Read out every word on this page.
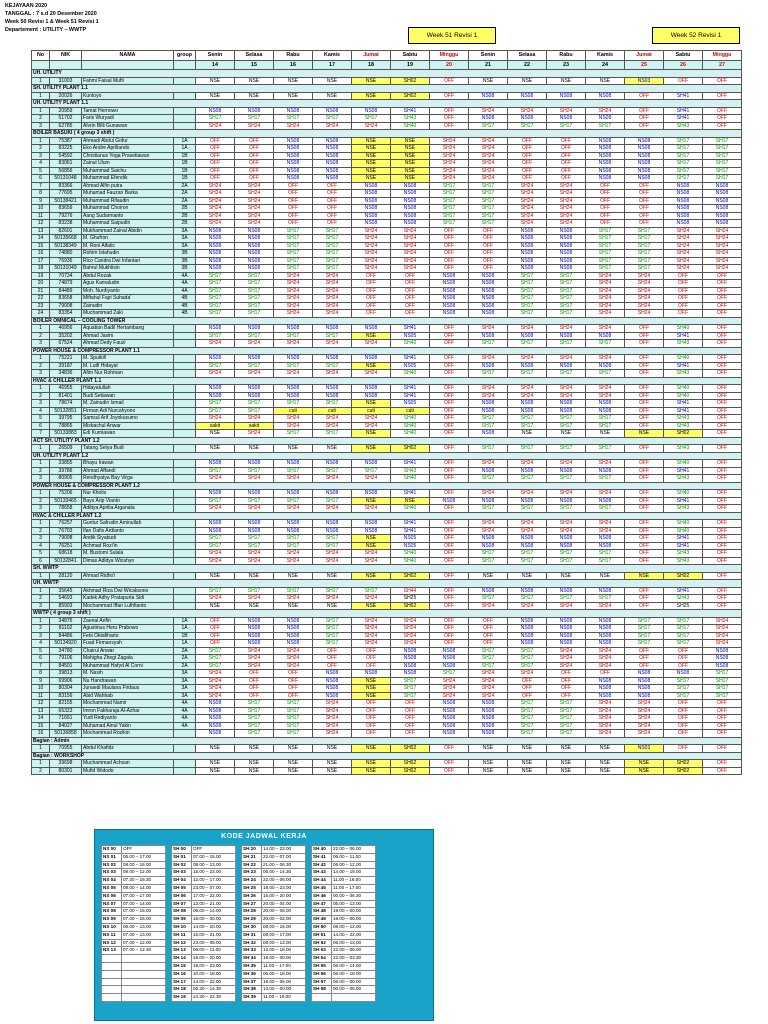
KEJAYAAN 2020
TANGGAL : 7 s.d 20 Desember 2020
Week 50 Revisi 1 & Week 51 Revisi 1
Departement : UTILITY – WWTP
Week 51 Revisi 1	Week 52 Revisi 1
No	NIK	NAMA	group	Senin	Selasa	Rabu	Kamis	Jumat	Sabtu	Minggu	Senin	Selasa	Rabu	Kamis	Jumat	Sabtu	Minggu
				14	15	16	17	18	19	20	21	22	23	24	25	26	27
UH. UTILITY																	
1	31003	Fahmi Faisal Mufti		NSE	NSE	NSE	NSE	NSE	SH02	OFF	NSE	NSE	NSE	NSE	NS03	OFF	OFF
SH. UTILITY PLANT 1.1																	
1	20026	Kuntoyo		NSE	NSE	NSE	NSE	NSE	SH02	OFF	NS08	NS08	NS08	NS08	OFF	SH41	OFF
UH. UTILITY PLANT 1.1																	
1	20959	Tamat Hernowo		NS08	NS08	NS08	NS08	NS08	SH41	OFF	SH24	SH24	SH24	SH24	OFF	SH41	OFF
2	51702	Faris Wuryadi		SH17	SH17	SH17	SH17	SH17	SH43	OFF	NS08	NS08	NS08	NS08	OFF	SH41	OFF
3	62785	Alvrin Billi Gunawan		SH24	SH24	SH24	SH24	SH24	SH40	OFF	SH17	SH17	SH17	SH17	OFF	SH43	OFF
BOILER BASUKI ( 4 group 3 shift )																	
1	75387	Ahmadi Abdul Gofur	1A	OFF	OFF	NS08	NS08	NSE	NSE	SH24	SH24	OFF	OFF	NS08	NS08	SH17	SH17
2	83225	Eko Andre Apriliando	1A	OFF	OFF	NS08	NS08	NSE	NSE	SH24	SH24	OFF	OFF	NS08	NS08	SH17	SH17
3	54592	Christianus Yoga Prasetiawan	1B	OFF	OFF	NS08	NS08	NSE	NSE	SH24	SH24	OFF	OFF	NS08	NS08	SH17	SH17
4	83061	Zainul Ulum	1B	OFF	OFF	NS08	NS08	NSE	NSE	SH24	SH24	OFF	OFF	NS08	NS08	SH17	SH17
5	56856	Muhammad Saichu	1B	OFF	OFF	NS08	NS08	NSE	NSE	SH24	SH24	OFF	OFF	NS08	NS08	SH17	SH17
6	50131048	Muhammad Efendik	1B	OFF	OFF	NS08	NS08	NSE	NSE	SH24	SH24	OFF	OFF	NS08	NS08	SH17	SH17
7	83366	Ahmad Alfin putra	2A	SH24	SH24	OFF	OFF	NS08	NS08	SH17	SH17	SH24	SH24	OFF	OFF	NS08	NS08
8	77695	Muhamad Fauzan Barka	2A	SH24	SH24	OFF	OFF	NS08	NS08	SH17	SH17	SH24	SH24	OFF	OFF	NS08	NS08
9	50138421	Muhammad Rifaudin	2A	SH24	SH24	OFF	OFF	NS08	NS08	SH17	SH17	SH24	SH24	OFF	OFF	NS08	NS08
10	83659	Muhammad Choiron	2B	SH24	SH24	OFF	OFF	NS08	NS08	SH17	SH17	SH24	SH24	OFF	OFF	NS08	NS08
11	79276	Aang Sudarmanto	2B	SH24	SH24	OFF	OFF	NS08	NS08	SH17	SH17	SH24	SH24	OFF	OFF	NS08	NS08
12	83238	Muhammad Saipudin	2B	SH24	SH24	OFF	OFF	NS08	NS08	SH17	SH17	SH24	SH24	OFF	OFF	NS08	NS08
13	82601	Mukhammad Zainal Abidin	3A	NS08	NS08	SH17	SH17	SH24	SH24	OFF	OFF	NS08	NS08	SH17	SH17	SH24	SH24
14	50135668	M. Ghufron	3A	NS08	NS08	SH17	SH17	SH24	SH24	OFF	OFF	NS08	NS08	SH17	SH17	SH24	SH24
15	50138349	M. Roni Alfatic	3A	NS08	NS08	SH17	SH17	SH24	SH24	OFF	OFF	NS08	NS08	SH17	SH17	SH24	SH24
16	74880	Rohim Istahudin	3B	NS08	NS08	SH17	SH17	SH24	SH24	OFF	OFF	NS08	NS08	SH17	SH17	SH24	SH24
17	76936	Rico Candra Dwi Infantari	3B	NS08	NS08	SH17	SH17	SH24	SH24	OFF	OFF	NS08	NS08	SH17	SH17	SH24	SH24
18	50131049	Bahrul Mukhlisin	3B	NS08	NS08	SH17	SH17	SH24	SH24	OFF	OFF	NS08	NS08	SH17	SH17	SH24	SH24
19	70734	Abdul Rozak	4A	SH17	SH17	SH24	SH24	OFF	OFF	NS08	NS08	SH17	SH17	SH24	SH24	OFF	OFF
20	74879	Agus Kamaludin	4A	SH17	SH17	SH24	SH24	OFF	OFF	NS08	NS08	SH17	SH17	SH24	SH24	OFF	OFF
21	84489	Moh. Nurdiyanto	4A	SH17	SH17	SH24	SH24	OFF	OFF	NS08	NS08	SH17	SH17	SH24	SH24	OFF	OFF
22	83658	Miftahul Fajri Suhada'	4B	SH17	SH17	SH24	SH24	OFF	OFF	NS08	NS08	SH17	SH17	SH24	SH24	OFF	OFF
23	79008	Zainudin	4B	SH17	SH17	SH24	SH24	OFF	OFF	NS08	NS08	SH17	SH17	SH24	SH24	OFF	OFF
24	83354	Muchammad Zaki	4B	SH17	SH17	SH24	SH24	OFF	OFF	NS08	NS08	SH17	SH17	SH24	SH24	OFF	OFF
BOILER OMNICAL – COOLING TOWER																	
1	46956	Aquatian Badil Hertambang		NS08	NS08	NS08	NS08	NS08	SH41	OFF	SH24	SH24	SH24	SH24	OFF	SH40	OFF
2	35202	Ahmad Jasim		SH17	SH17	SH17	SH17	NSE	NS05	OFF	NS08	NS08	NS08	NS08	OFF	SH41	OFF
3	67524	Ahmad Dedy Fauzi		SH24	SH24	SH24	SH24	SH24	SH40	OFF	SH17	SH17	SH17	SH17	OFF	SH43	OFF
POWER HOUSE & COMPRESSOR PLANT 1.1																	
1	75221	M. Spuikifi		NS08	NS08	NS08	NS08	NS08	SH41	OFF	SH24	SH24	SH24	SH24	OFF	SH40	OFF
2	39187	M. Lutfi Hidayat		SH17	SH17	SH17	SH17	NSE	NS05	OFF	NS08	NS08	NS08	NS08	OFF	SH41	OFF
3	34836	Afim Nur Rohman		SH24	SH24	SH24	SH24	SH24	SH40	OFF	SH17	SH17	SH17	SH17	OFF	SH43	OFF
HVAC & CHILLER PLANT 1.1																	
1	46955	Hidayatullah		NS08	NS08	NS08	NS08	NS08	SH41	OFF	SH24	SH24	SH24	SH24	OFF	SH40	OFF
2	81401	Budi Setiawan		NS08	NS08	NS08	NS08	NS08	SH41	OFF	SH24	SH24	SH24	SH24	OFF	SH40	OFF
3	78674	M. Zainudin Ismail		SH17	SH17	SH17	SH17	NSE	NS05	OFF	NS08	NS08	NS08	NS08	OFF	SH41	OFF
4	50132851	Firman Adi Nurcahyono		SH17	SH17	cuti	cuti	cuti	cuti	OFF	NS08	NS08	NS08	NS08	OFF	SH41	OFF
5	39795	Samsul Arif Joyokusumo		SH24	SH24	SH24	SH24	SH24	SH40	OFF	SH17	SH17	SH17	SH17	OFF	SH43	OFF
6	78865	Misbachul Anwar		sakit	sakit	SH24	SH24	SH24	SH40	OFF	SH17	SH17	SH17	SH17	OFF	SH43	OFF
7	50133883	Edi Kurniawan		NSE	SH24	SH17	SH17	NSE	SH40	OFF	NS08	NSE	NSE	NSE	NSE	SH02	OFF
ACT SH. UTILITY PLANT 1.2																	
1	26509	Tatang Setya Budi		NSE	NSE	NSE	NSE	NSE	SH02	OFF	SH17	SH17	SH17	SH17	OFF	SH43	OFF
UH. UTILITY PLANT 1.2																	
1	33855	Bhayu Irawan		NS08	NS08	NS08	NS08	NS08	SH41	OFF	SH24	SH24	SH24	SH24	OFF	SH40	OFF
2	39786	Ahmad Affandi		SH17	SH17	SH17	SH17	SH17	SH43	OFF	NS08	NS08	NS08	NS08	OFF	SH41	OFF
3	80905	Rendhyatya Bay Virga		SH24	SH24	SH24	SH24	SH24	SH40	OFF	SH17	SH17	SH17	SH17	OFF	SH43	OFF
POWER HOUSE & COMPRESSOR PLANT 1.2																	
1	75206	Nur Kholis		NS08	NS08	NS08	NS08	NS08	SH41	OFF	SH24	SH24	SH24	SH24	OFF	SH40	OFF
2	50133465	Bayu Arip Vianto		SH17	SH17	SH17	SH17	NSE	NSE	NS08	NS08	NS08	NS08	NS08	OFF	SH41	OFF
3	78658	Adittya Aprilia Arganata		SH24	SH24	SH24	SH24	SH24	SH40	OFF	SH17	SH17	SH17	SH17	OFF	SH43	OFF
HVAC & CHILLER PLANT 1.2																	
1	76257	Guntur Safrudin Aminullah		NS08	NS08	NS08	NS08	NS08	SH41	OFF	SH24	SH24	SH24	SH24	OFF	SH40	OFF
2	76703	Ifan Dafis Ardianto		NS08	NS08	NS08	NS08	NS08	SH41	OFF	SH24	SH24	SH24	SH24	OFF	SH40	OFF
3	79098	Andik Siyabudi		SH17	SH17	SH17	SH17	NSE	NS05	OFF	NS08	NS08	NS08	NS08	OFF	SH41	OFF
4	76251	Achmad Rozi'in		SH17	SH17	SH17	SH17	NSE	NS05	OFF	NS08	NS08	NS08	NS08	OFF	SH41	OFF
5	68618	M. Bustomi Sulala		SH24	SH24	SH24	SH24	SH24	SH40	OFF	SH17	SH17	SH17	SH17	OFF	SH43	OFF
6	50132841	Dimas Adldya Wicahyo		SH24	SH24	SH24	SH24	SH24	SH40	OFF	SH17	SH17	SH17	SH17	OFF	SH43	OFF
SH. WWTP																	
1	28120	Ahmad Ridho'i		NSE	NSE	NSE	NSE	NSE	SH02	OFF	NSE	NSE	NSE	NSE	NSE	SH02	OFF
UH. WWTP																	
1	35645	Akhmad Riza Dwi Wicaksono		SH17	SH17	SH17	SH17	SH17	SH44	OFF	NS08	NS08	NS08	NS08	OFF	SH41	OFF
2	54693	Kadek Adhy Pratapurta Sidi		SH24	SH24	SH24	SH24	SH24	SH25	OFF	SH17	SH17	SH17	SH17	OFF	SH43	OFF
3	85903	Mochammad Iffan Luthfianto		NSE	NSE	NSE	NSE	NSE	SH02	OFF	SH24	SH24	SH24	SH24	OFF	SH25	OFF
WWTP ( 4 group 3 shift )																	
1	34876	Zaenal Arifin	1A	OFF	NS08	NS08	SH17	SH24	SH24	OFF	OFF	NS08	NS08	NS08	SH17	SH17	SH24
2	81102	Agustinus Heru Prabowo	1A	OFF	NS08	NS08	SH17	SH24	SH24	OFF	OFF	NS08	NS08	NS08	SH17	SH17	SH24
3	84486	Febi Oktafiharto	1B	OFF	NS08	NS08	SH17	SH24	SH24	OFF	OFF	NS08	NS08	NS08	SH17	SH17	SH24
4	50134920	Fuad Firmansyah	1A	OFF	NS08	NS08	SH17	SH24	SH24	OFF	OFF	NS08	NS08	NS08	SH17	SH17	SH24
5	34780	Chairul Anwar	2A	SH17	SH24	SH24	OFF	OFF	NS08	NS08	SH17	SH17	SH24	SH24	OFF	OFF	NS08
6	79106	Mahigha Zhegi Zagala	2A	SH17	SH24	SH24	OFF	OFF	NS08	NS08	SH17	SH17	SH24	SH24	OFF	OFF	NS08
7	84501	Muhammad Hafyd Al Corni	2A	SH17	SH24	SH24	OFF	OFF	NS08	NS08	SH17	SH17	SH24	SH24	OFF	OFF	NS08
8	39813	M. Nasih	3A	SH24	OFF	OFF	NS08	NS08	NS08	SH17	SH24	SH24	OFF	OFF	NS08	NS08	SH17
9	69906	Nu Handrawan	3A	SH24	OFF	OFF	NS08	NSE	SH17	SH24	SH24	OFF	OFF	NS08	NS08	SH17	SH17
10	80304	Junaedi Maulana Firdaus	3A	SH24	OFF	OFF	NS08	NSE	SH17	SH24	SH24	OFF	OFF	NS08	NS08	SH17	SH17
11	83156	Abid Wahhab	3A	SH24	OFF	OFF	NS08	NSE	SH17	SH24	SH24	OFF	OFF	NS08	NS08	SH17	SH17
12	82155	Mochammad Namir	4A	NS08	SH17	SH17	SH24	OFF	OFF	NS08	NS08	SH17	SH17	SH24	SH24	OFF	OFF
13	65323	Imron Fakharaja Al-Azhar	4A	NS08	SH17	SH17	SH24	OFF	OFF	NS08	NS08	SH17	SH17	SH24	SH24	OFF	OFF
14	71661	Yudi Rediyanto	4A	NS08	SH17	SH17	SH24	OFF	OFF	NS08	NS08	SH17	SH17	SH24	SH24	OFF	OFF
15	84027	Muhamad Ainul Yakin	4A	NS08	SH17	SH17	SH24	OFF	OFF	NS08	NS08	SH17	SH17	SH24	SH24	OFF	OFF
16	50136858	Mochammad Rozikin		NS08	SH17	SH17	SH24	OFF	OFF	NS08	NS08	SH17	SH17	SH24	SH24	OFF	OFF
Bagian : Admin																	
1	70955	Abdul Khafidz		NSE	NSE	NSE	NSE	NSE	SH02	OFF	NSE	NSE	NSE	NSE	NS03	OFF	OFF
Bagian : WORKSHOP																	
1	39698	Muchammad Achsan		NSE	NSE	NSE	NSE	NSE	SH02	OFF	NSE	NSE	NSE	NSE	NSE	SH02	OFF
2	80301	Mufid Widodo		NSE	NSE	NSE	NSE	NSE	SH02	OFF	NSE	NSE	NSE	NSE	NSE	SH02	OFF
KODE JADWAL KERJA
NS 00	OFF		SH 00	OFF		SH 20	14.00 – 23.00		SH 40	22.00 – 06.00
NS 01	06.00 – 17.00		SH 01	07.00 – 15.00		SH 21	22.00 – 07.00		SH 41	06.00 – 11.00
NS 02	08.00 – 16.00		SH 02	08.00 – 13.00		SH 22	21.00 – 06.30		SH 42	06.00 – 12.00
NS 03	08.00 – 12.00		SH 03	15.00 – 23.00		SH 23	06.00 – 14.30		SH 43	14.00 – 19.00
NS 04	07.30 – 16.30		SH 04	12.00 – 17.00		SH 24	22.00 – 06.00		SH 44	11.00 – 16.00
NS 05	08.00 – 14.00		SH 05	23.00 – 07.00		SH 25	18.00 – 23.00		SH 45	11.00 – 17.00
NS 06	07.00 – 17.00		SH 06	17.00 – 22.00		SH 26	15.00 – 20.00		SH 46	00.00 – 06.30
NS 07	07.00 – 14.00		SH 07	13.00 – 21.00		SH 27	20.00 – 04.00		SH 47	05.00 – 13.00
NS 08	07.00 – 15.00		SH 08	06.00 – 14.00		SH 28	20.00 – 06.00		SH 48	19.00 – 00.00
NS 09	07.00 – 16.00		SH 09	16.00 – 00.00		SH 29	20.00 – 02.00		SH 49	19.00 – 06.00
NS 10	06.00 – 13.00		SH 10	14.00 – 20.00		SH 30	08.00 – 16.00		SH 50	08.00 – 12.00
NS 11	07.00 – 13.00		SH 11	15.00 – 21.00		SH 31	08.00 – 17.00		SH 51	14.00 – 22.00
NS 12	07.00 – 12.00		SH 12	23.00 – 05.00		SH 32	08.00 – 13.00		SH 52	06.00 – 13.00
NS 13	07.00 – 12.30		SH 13	06.00 – 11.00		SH 33	13.00 – 18.00		SH 53	22.00 – 06.00
			SH 14	16.00 – 20.00		SH 34	18.00 – 00.00		SH 54	22.00 – 03.30
			SH 15	19.00 – 23.00		SH 35	11.00 – 17.00		SH 55	06.00 – 14.00
			SH 16	10.00 – 18.00		SH 36	06.00 – 18.00		SH 56	06.00 – 18.00
			SH 17	14.00 – 22.00		SH 37	18.00 – 06.00		SH 57	06.00 – 00.00
			SH 18	06.30 – 14.30		SH 38	13.00 – 00.00		SH 58	00.00 – 05.00
			SH 19	14.30 – 22.30		SH 39	11.00 – 19.00			
